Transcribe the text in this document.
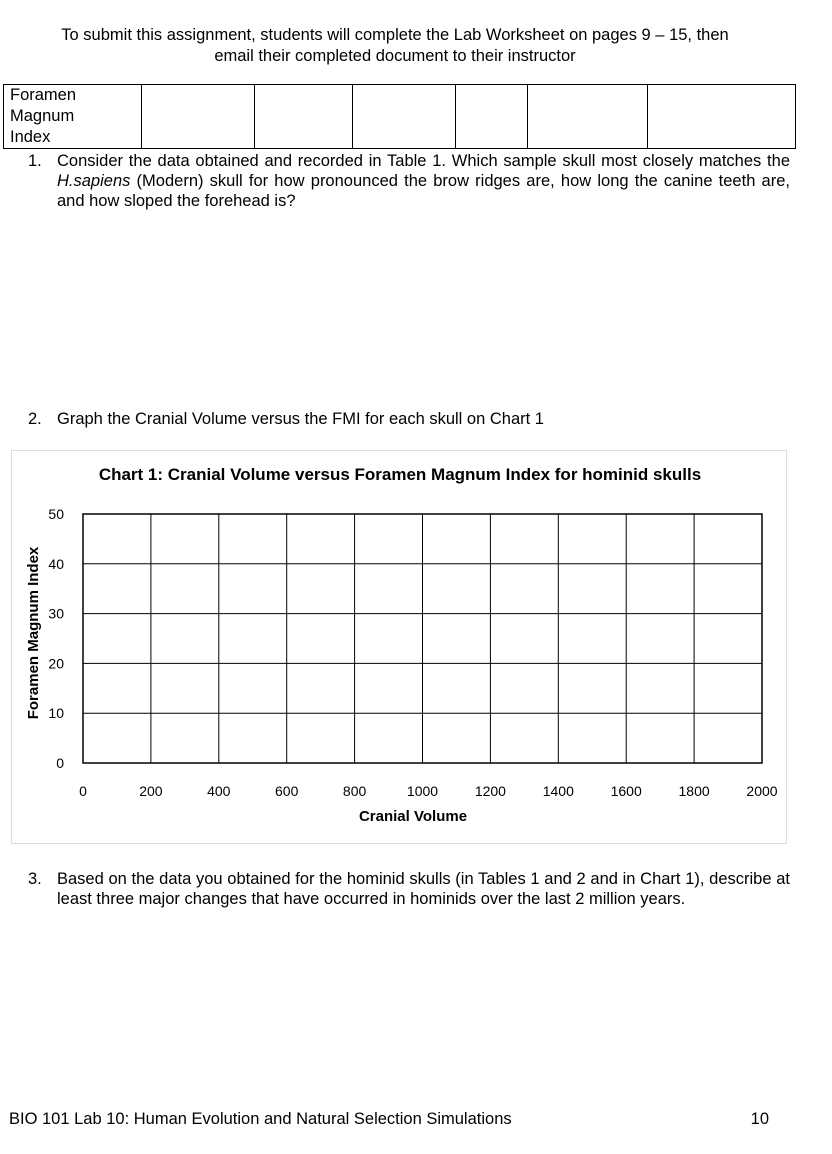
To submit this assignment, students will complete the Lab Worksheet on pages 9 – 15, then
email their completed document to their instructor
Foramen
Magnum
Index

1. Consider the data obtained and recorded in Table 1. Which sample skull most closely matches the H.sapiens (Modern) skull for how pronounced the brow ridges are, how long the canine teeth are, and how sloped the forehead is?
2. Graph the Cranial Volume versus the FMI for each skull on Chart 1
Chart 1: Cranial Volume versus Foramen Magnum Index for hominid skulls
0
10
20
30
40
50
0	200	400	600	800	1000	1200	1400	1600	1800	2000
Cranial Volume
Foramen Magnum Index
3. Based on the data you obtained for the hominid skulls (in Tables 1 and 2 and in Chart 1), describe at least three major changes that have occurred in hominids over the last 2 million years.
BIO 101 Lab 10: Human Evolution and Natural Selection Simulations	10
